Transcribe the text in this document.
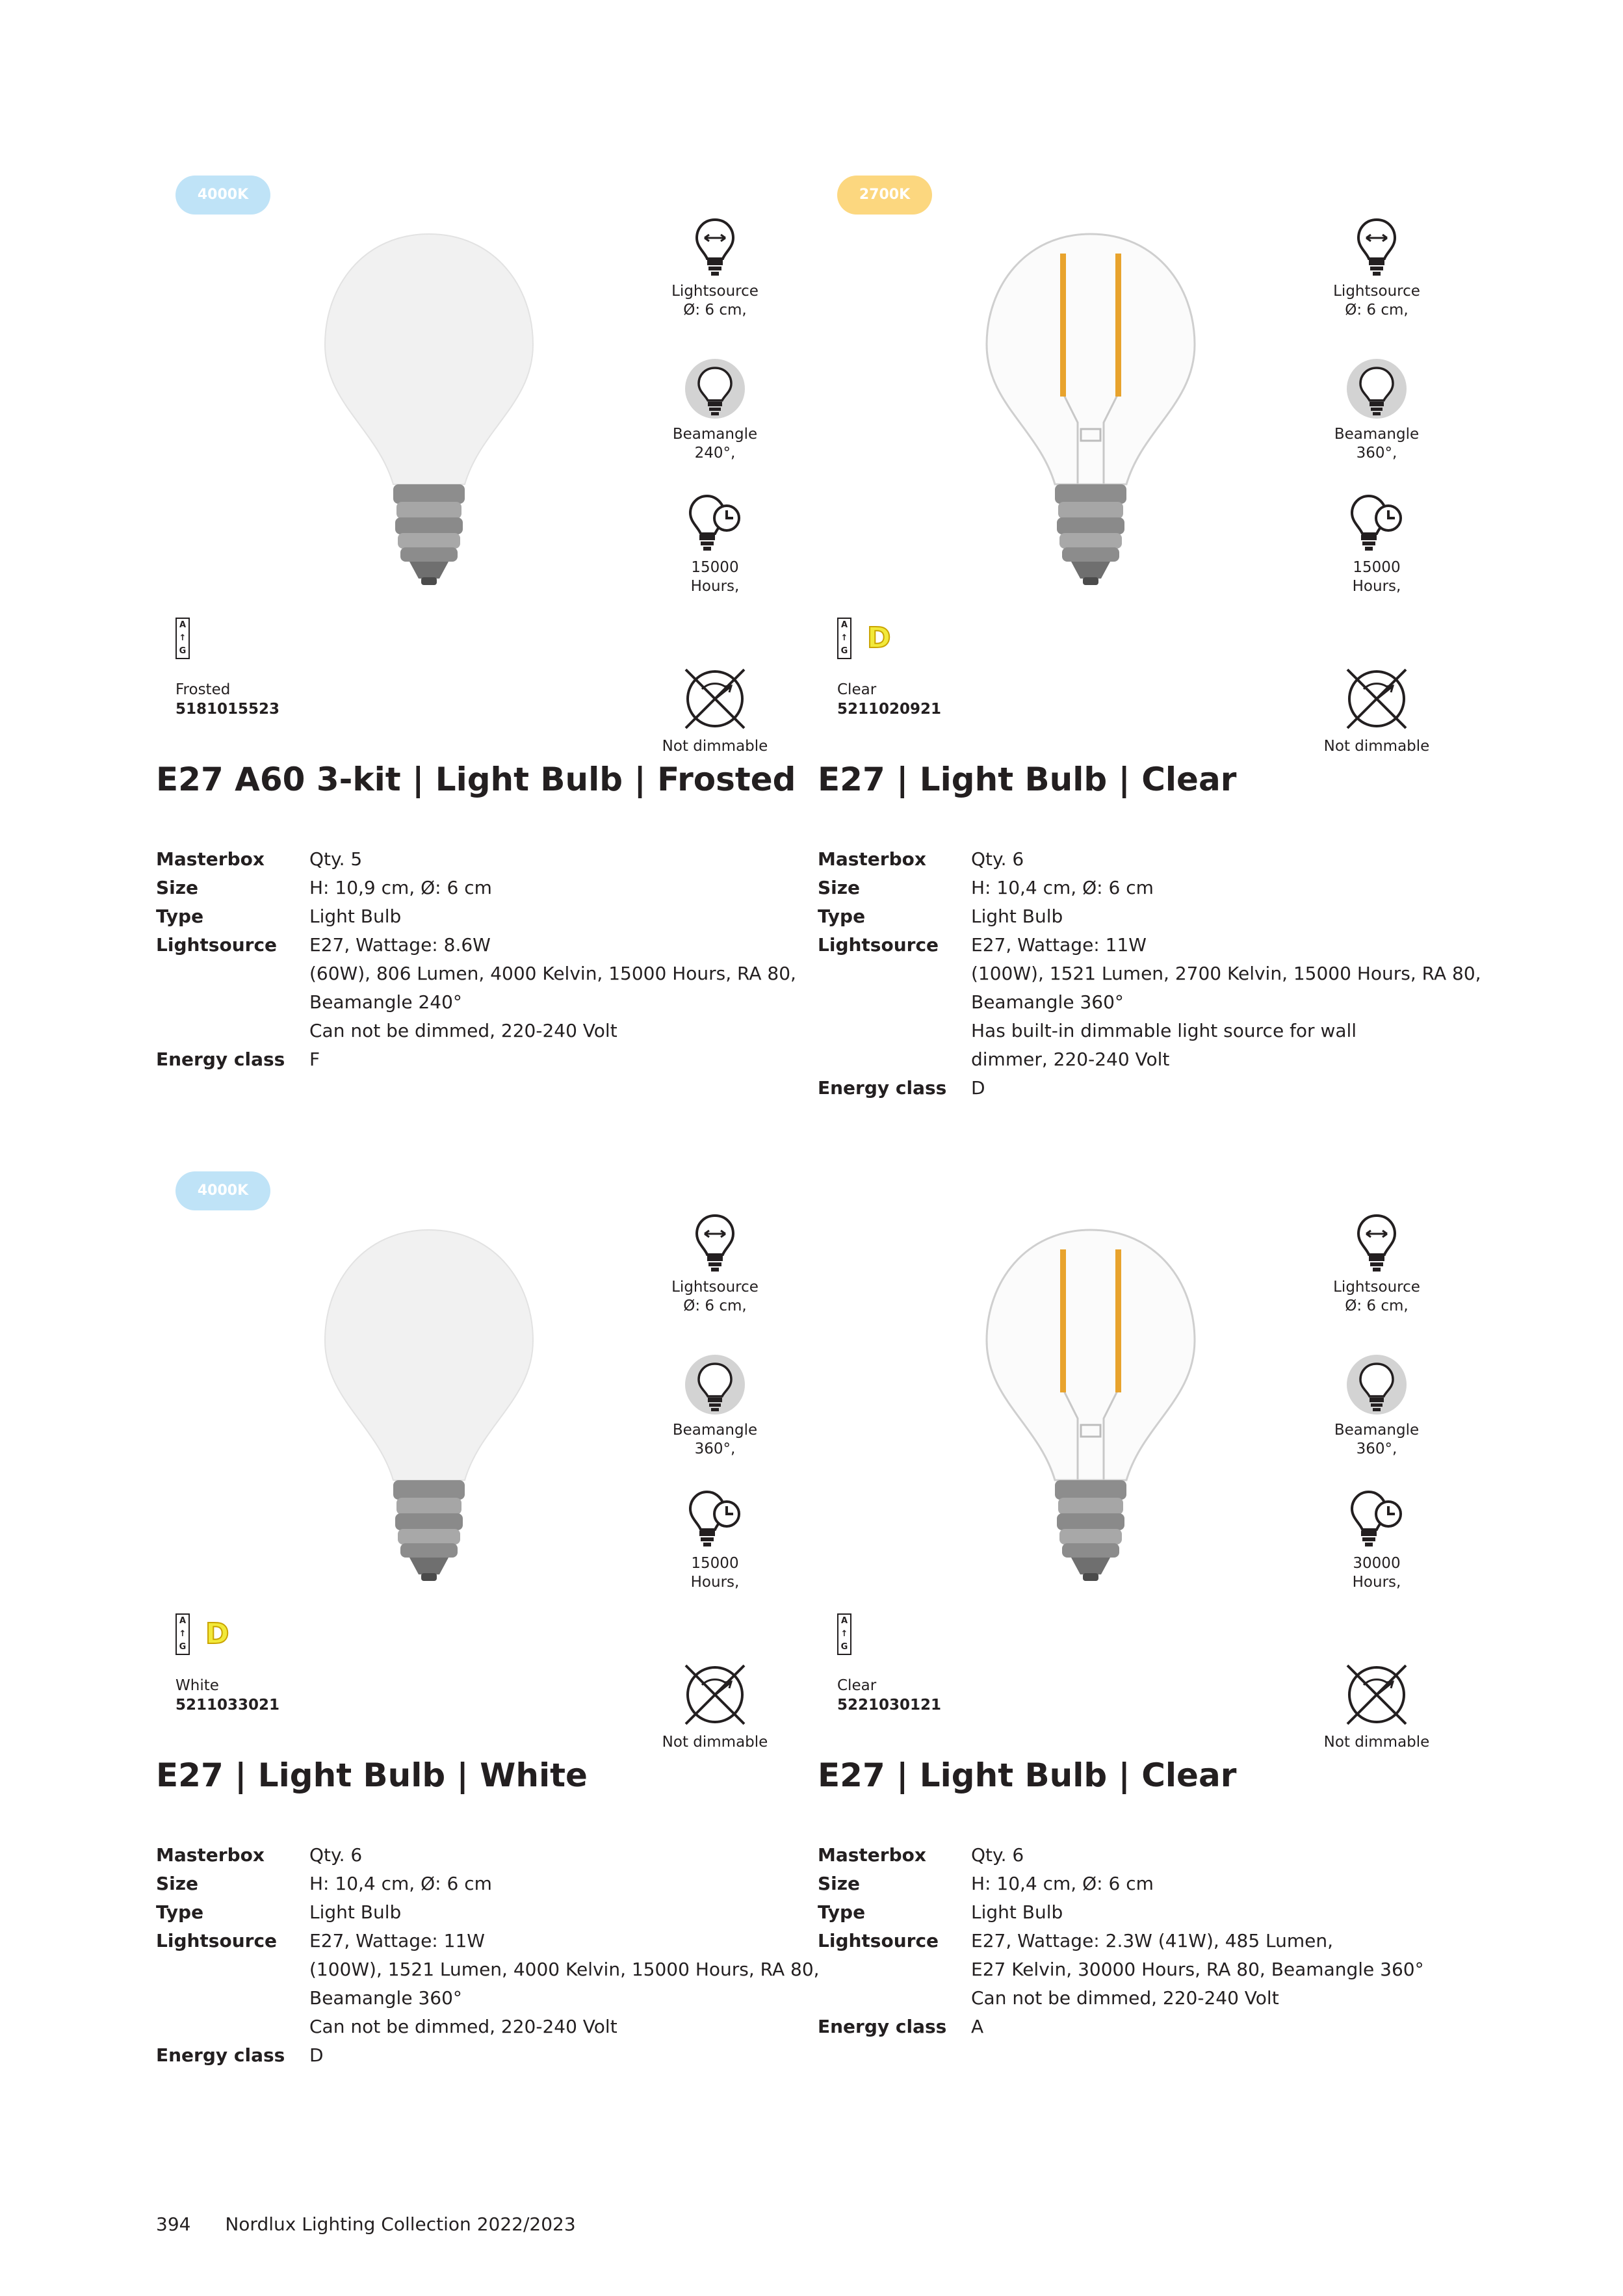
4000K
Lightsource
Ø: 6 cm,
Beamangle
240°,
15000
Hours,
Not dimmable
A
↑
G F
Frosted
5181015523
E27 A60 3-kit | Light Bulb | Frosted
Masterbox Qty. 5
Size	H: 10,9 cm, Ø: 6 cm
Type	Light Bulb
Lightsource E27, Wattage: 8.6W
(60W), 806 Lumen, 4000 Kelvin, 15000 Hours, RA 80,
Beamangle 240°
Can not be dimmed, 220-240 Volt
Energy class F
2700K
Lightsource
Ø: 6 cm,
Beamangle
360°,
15000
Hours,
Not dimmable
A
↑
G D
Clear
5211020921
E27 | Light Bulb | Clear
Masterbox Qty. 6
Size	H: 10,4 cm, Ø: 6 cm
Type	Light Bulb
Lightsource E27, Wattage: 11W
(100W), 1521 Lumen, 2700 Kelvin, 15000 Hours, RA 80,
Beamangle 360°
Has built-in dimmable light source for wall
dimmer, 220-240 Volt
Energy class D
4000K
Lightsource
Ø: 6 cm,
Beamangle
360°,
15000
Hours,
Not dimmable
A
↑
G D
White
5211033021
E27 | Light Bulb | White
Masterbox Qty. 6
Size	H: 10,4 cm, Ø: 6 cm
Type	Light Bulb
Lightsource E27, Wattage: 11W
(100W), 1521 Lumen, 4000 Kelvin, 15000 Hours, RA 80,
Beamangle 360°
Can not be dimmed, 220-240 Volt
Energy class D
Lightsource
Ø: 6 cm,
Beamangle
360°,
30000
Hours,
Not dimmable
A
↑
G A
Clear
5221030121
E27 | Light Bulb | Clear
Masterbox Qty. 6
Size	H: 10,4 cm, Ø: 6 cm
Type	Light Bulb
Lightsource E27, Wattage: 2.3W (41W), 485 Lumen,
E27 Kelvin, 30000 Hours, RA 80, Beamangle 360°
Can not be dimmed, 220-240 Volt
Energy class A
394 Nordlux Lighting Collection 2022/2023
